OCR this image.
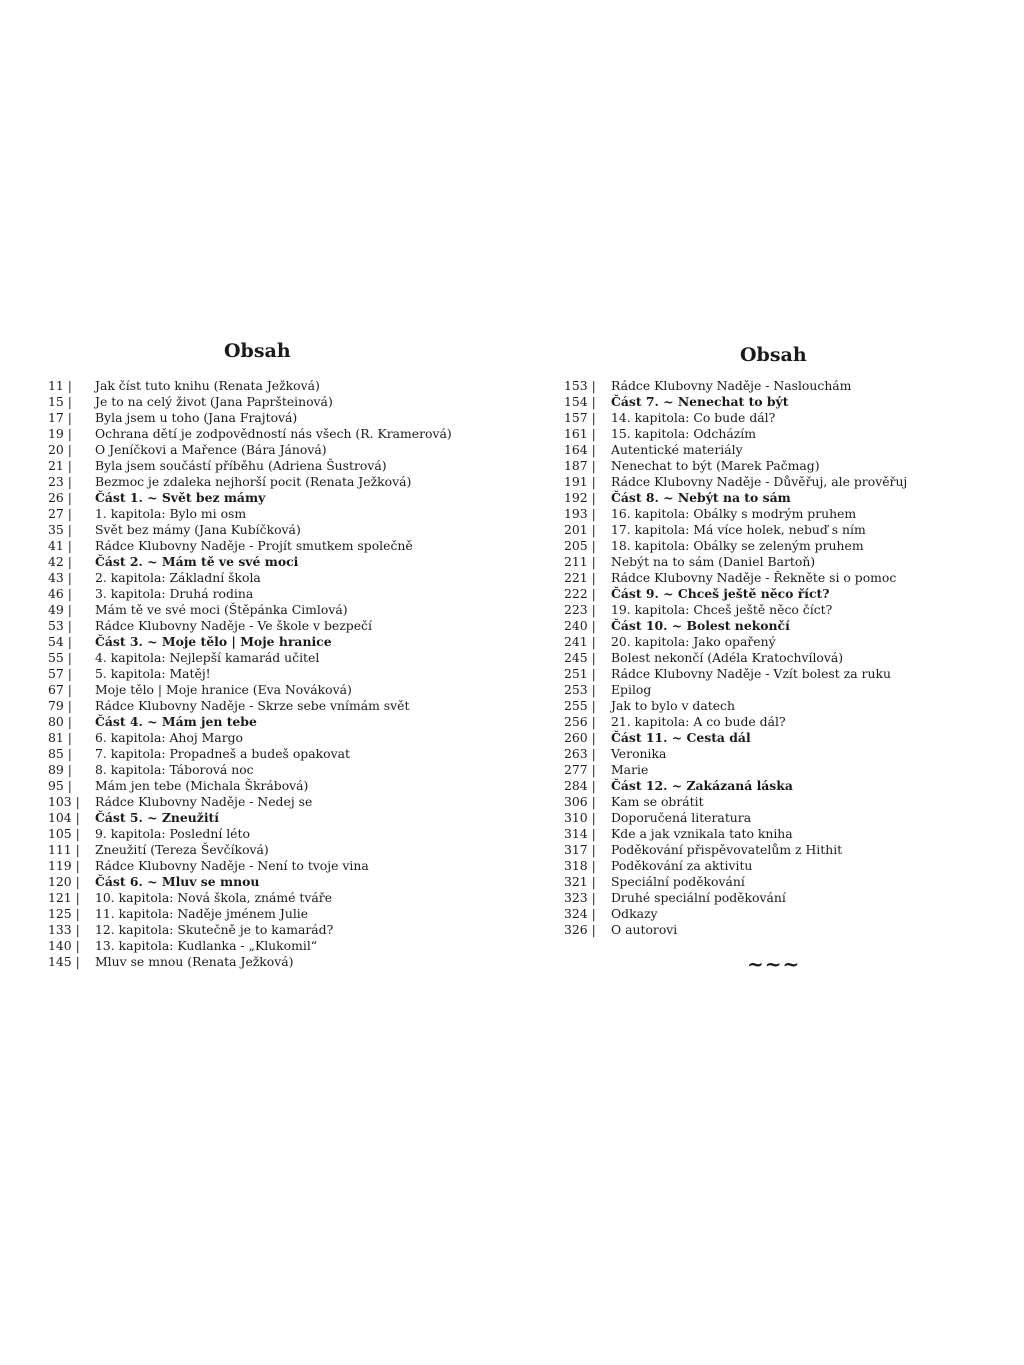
Obsah
11 |	Jak číst tuto knihu (Renata Ježková)
15 |	Je to na celý život (Jana Papršteinová)
17 |	Byla jsem u toho (Jana Frajtová)
19 |	Ochrana dětí je zodpovědností nás všech (R. Kramerová)
20 |	O Jeníčkovi a Mařence (Bára Jánová)
21 |	Byla jsem součástí příběhu (Adriena Šustrová)
23 |	Bezmoc je zdaleka nejhorší pocit (Renata Ježková)
26 |	Část 1. ~ Svět bez mámy
27 |	1. kapitola: Bylo mi osm
35 |	Svět bez mámy (Jana Kubíčková)
41 |	Rádce Klubovny Naděje - Projít smutkem společně
42 |	Část 2. ~ Mám tě ve své moci
43 |	2. kapitola: Základní škola
46 |	3. kapitola: Druhá rodina
49 |	Mám tě ve své moci (Štěpánka Cimlová)
53 |	Rádce Klubovny Naděje - Ve škole v bezpečí
54 |	Část 3. ~ Moje tělo | Moje hranice
55 |	4. kapitola: Nejlepší kamarád učitel
57 |	5. kapitola: Matěj!
67 |	Moje tělo | Moje hranice (Eva Nováková)
79 |	Rádce Klubovny Naděje - Skrze sebe vnímám svět
80 |	Část 4. ~ Mám jen tebe
81 |	6. kapitola: Ahoj Margo
85 |	7. kapitola: Propadneš a budeš opakovat
89 |	8. kapitola: Táborová noc
95 |	Mám jen tebe (Michala Škrábová)
103 |	Rádce Klubovny Naděje - Nedej se
104 |	Část 5. ~ Zneužití
105 |	9. kapitola: Poslední léto
111 |	Zneužití (Tereza Ševčíková)
119 |	Rádce Klubovny Naděje - Není to tvoje vina
120 |	Část 6. ~ Mluv se mnou
121 |	10. kapitola: Nová škola, známé tváře
125 |	11. kapitola: Naděje jménem Julie
133 |	12. kapitola: Skutečně je to kamarád?
140 |	13. kapitola: Kudlanka - „Klukomil“
145 |	Mluv se mnou (Renata Ježková)
Obsah
153 |	Rádce Klubovny Naděje - Naslouchám
154 |	Část 7. ~ Nenechat to být
157 |	14. kapitola: Co bude dál?
161 |	15. kapitola: Odcházím
164 |	Autentické materiály
187 |	Nenechat to být (Marek Pačmag)
191 |	Rádce Klubovny Naděje - Důvěřuj, ale prověřuj
192 |	Část 8. ~ Nebýt na to sám
193 |	16. kapitola: Obálky s modrým pruhem
201 |	17. kapitola: Má více holek, nebuď s ním
205 |	18. kapitola: Obálky se zeleným pruhem
211 |	Nebýt na to sám (Daniel Bartoň)
221 |	Rádce Klubovny Naděje - Řekněte si o pomoc
222 |	Část 9. ~ Chceš ještě něco říct?
223 |	19. kapitola: Chceš ještě něco číct?
240 |	Část 10. ~ Bolest nekončí
241 |	20. kapitola: Jako opařený
245 |	Bolest nekončí (Adéla Kratochvílová)
251 |	Rádce Klubovny Naděje - Vzít bolest za ruku
253 |	Epilog
255 |	Jak to bylo v datech
256 |	21. kapitola: A co bude dál?
260 |	Část 11. ~ Cesta dál
263 |	Veronika
277 |	Marie
284 |	Část 12. ~ Zakázaná láska
306 |	Kam se obrátit
310 |	Doporučená literatura
314 |	Kde a jak vznikala tato kniha
317 |	Poděkování přispěvovatelům z Hithit
318 |	Poděkování za aktivitu
321 |	Speciální poděkování
323 |	Druhé speciální poděkování
324 |	Odkazy
326 |	O autorovi
~~~
